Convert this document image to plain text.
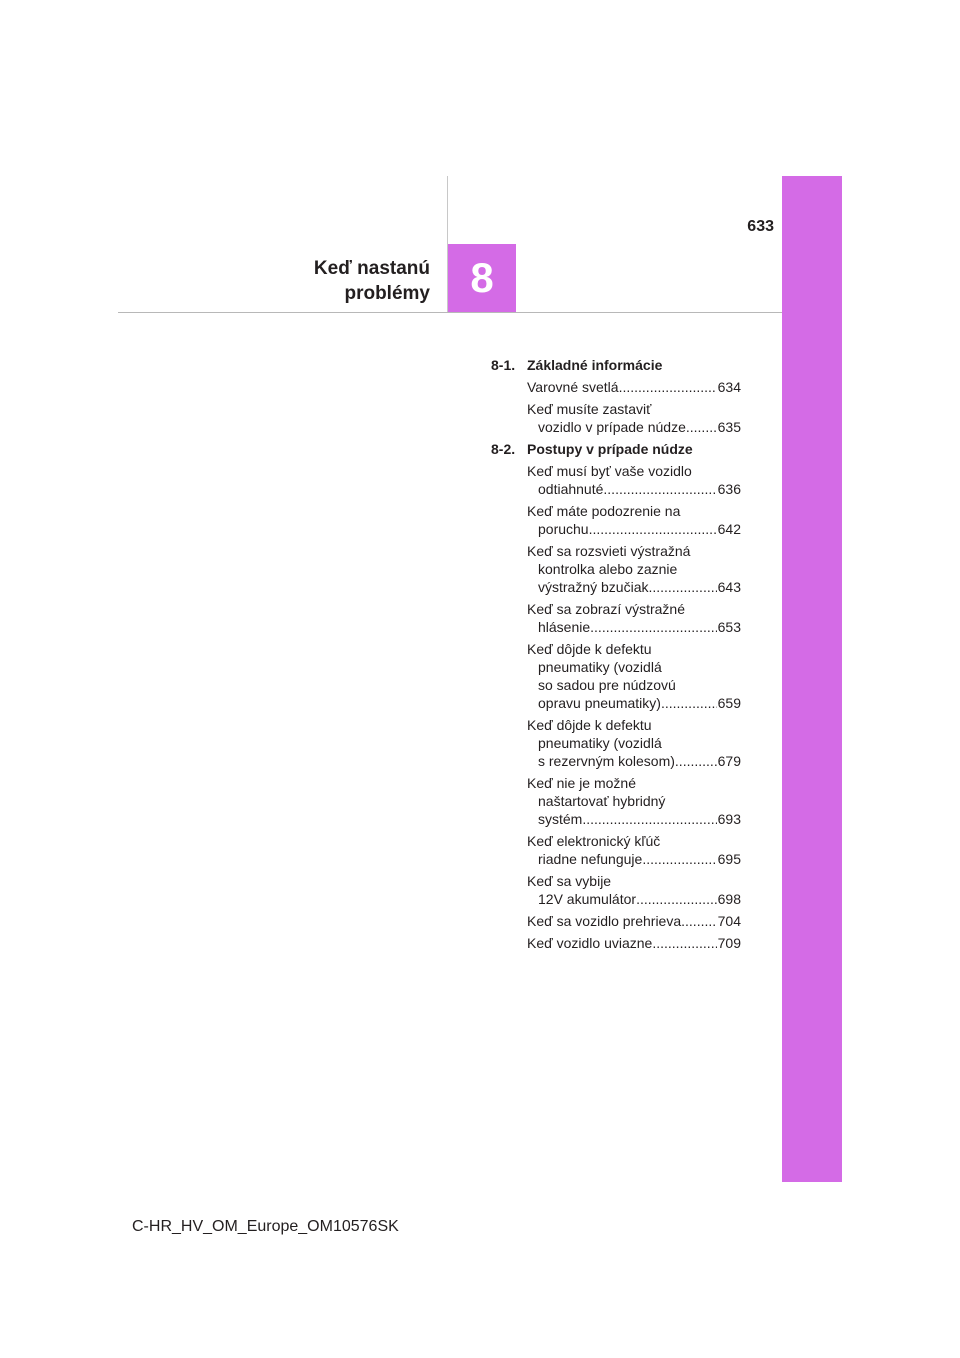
Keď nastanú
problémy 8
633
8-1. Základné informácie
Varovné svetlá .....	634
Keď musíte zastaviť
vozidlo v prípade núdze ..... 635
8-2. Postupy v prípade núdze
Keď musí byť vaše vozidlo
odtiahnuté .....	636
Keď máte podozrenie na
poruchu .....	642
Keď sa rozsvieti výstražná
kontrolka alebo zaznie
výstražný bzučiak .....	643
Keď sa zobrazí výstražné
hlásenie .....	653
Keď dôjde k defektu
pneumatiky (vozidlá
so sadou pre núdzovú
opravu pneumatiky) .....	659
Keď dôjde k defektu
pneumatiky (vozidlá
s rezervným kolesom) .....	679
Keď nie je možné
naštartovať hybridný
systém .....	693
Keď elektronický kľúč
riadne nefunguje .....	695
Keď sa vybije
12V akumulátor .....	698
Keď sa vozidlo prehrieva .....	704
Keď vozidlo uviazne .....	709
C-HR_HV_OM_Europe_OM10576SK
